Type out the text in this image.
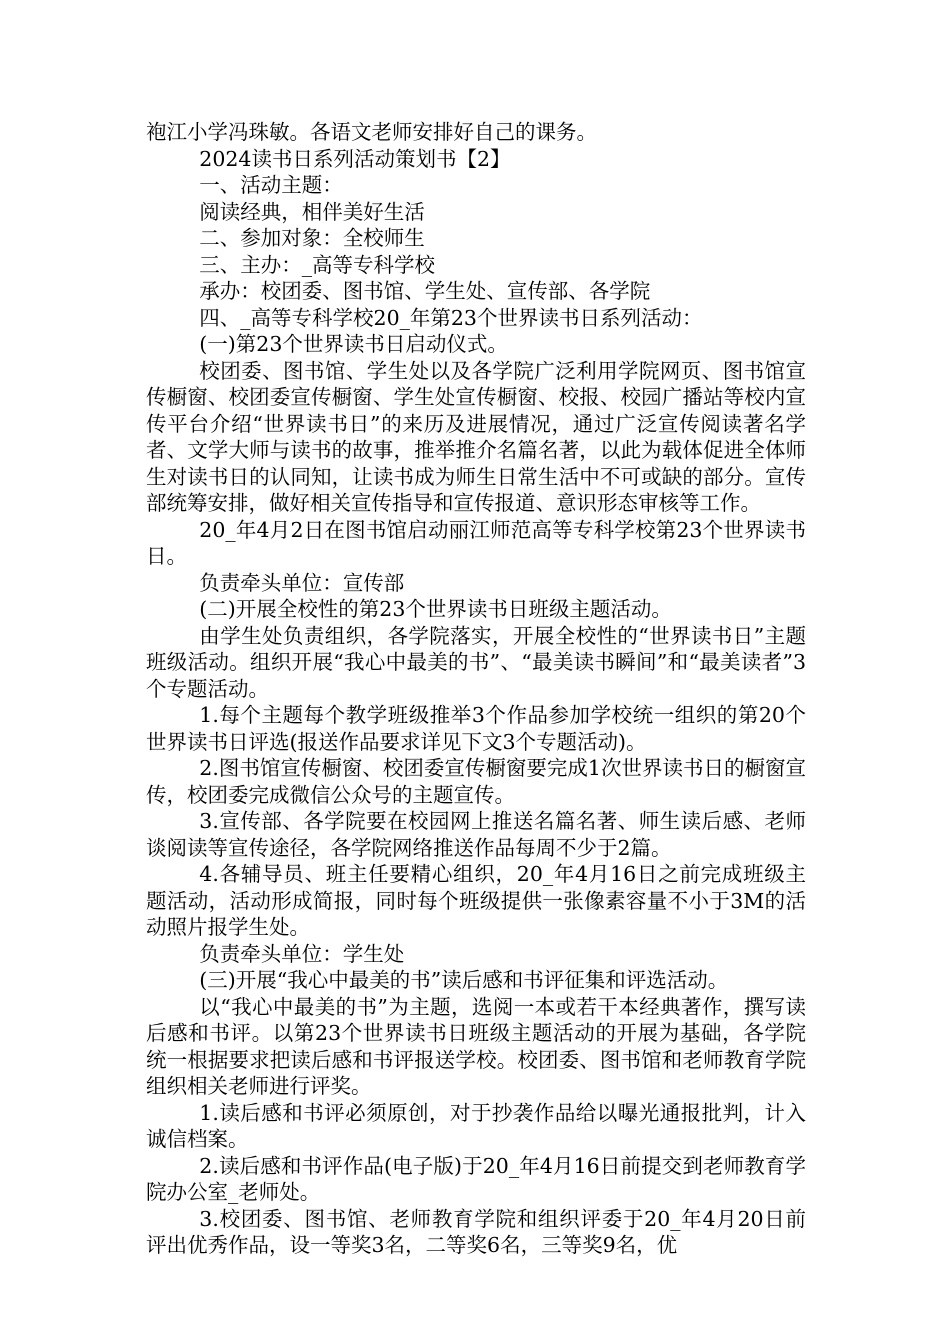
袍江小学冯珠敏。各语文老师安排好自己的课务。

2024读书日系列活动策划书【2】

一、活动主题：

阅读经典，相伴美好生活

二、参加对象：全校师生

三、主办：_高等专科学校

承办：校团委、图书馆、学生处、宣传部、各学院

四、_高等专科学校20_年第23个世界读书日系列活动：

(一)第23个世界读书日启动仪式。

校团委、图书馆、学生处以及各学院广泛利用学院网页、图书馆宣传橱窗、校团委宣传橱窗、学生处宣传橱窗、校报、校园广播站等校内宣传平台介绍“世界读书日”的来历及进展情况，通过广泛宣传阅读著名学者、文学大师与读书的故事，推举推介名篇名著，以此为载体促进全体师生对读书日的认同知，让读书成为师生日常生活中不可或缺的部分。宣传部统筹安排，做好相关宣传指导和宣传报道、意识形态审核等工作。

20_年4月2日在图书馆启动丽江师范高等专科学校第23个世界读书日。

负责牵头单位：宣传部

(二)开展全校性的第23个世界读书日班级主题活动。

由学生处负责组织，各学院落实，开展全校性的“世界读书日”主题班级活动。组织开展“我心中最美的书”、“最美读书瞬间”和“最美读者”3个专题活动。

1.每个主题每个教学班级推举3个作品参加学校统一组织的第20个世界读书日评选(报送作品要求详见下文3个专题活动)。

2.图书馆宣传橱窗、校团委宣传橱窗要完成1次世界读书日的橱窗宣传，校团委完成微信公众号的主题宣传。

3.宣传部、各学院要在校园网上推送名篇名著、师生读后感、老师谈阅读等宣传途径，各学院网络推送作品每周不少于2篇。

4.各辅导员、班主任要精心组织，20_年4月16日之前完成班级主题活动，活动形成简报，同时每个班级提供一张像素容量不小于3M的活动照片报学生处。

负责牵头单位：学生处

(三)开展“我心中最美的书”读后感和书评征集和评选活动。

以“我心中最美的书”为主题，选阅一本或若干本经典著作，撰写读后感和书评。以第23个世界读书日班级主题活动的开展为基础，各学院统一根据要求把读后感和书评报送学校。校团委、图书馆和老师教育学院组织相关老师进行评奖。

1.读后感和书评必须原创，对于抄袭作品给以曝光通报批判，计入诚信档案。

2.读后感和书评作品(电子版)于20_年4月16日前提交到老师教育学院办公室_老师处。

3.校团委、图书馆、老师教育学院和组织评委于20_年4月20日前评出优秀作品，设一等奖3名，二等奖6名，三等奖9名，优
